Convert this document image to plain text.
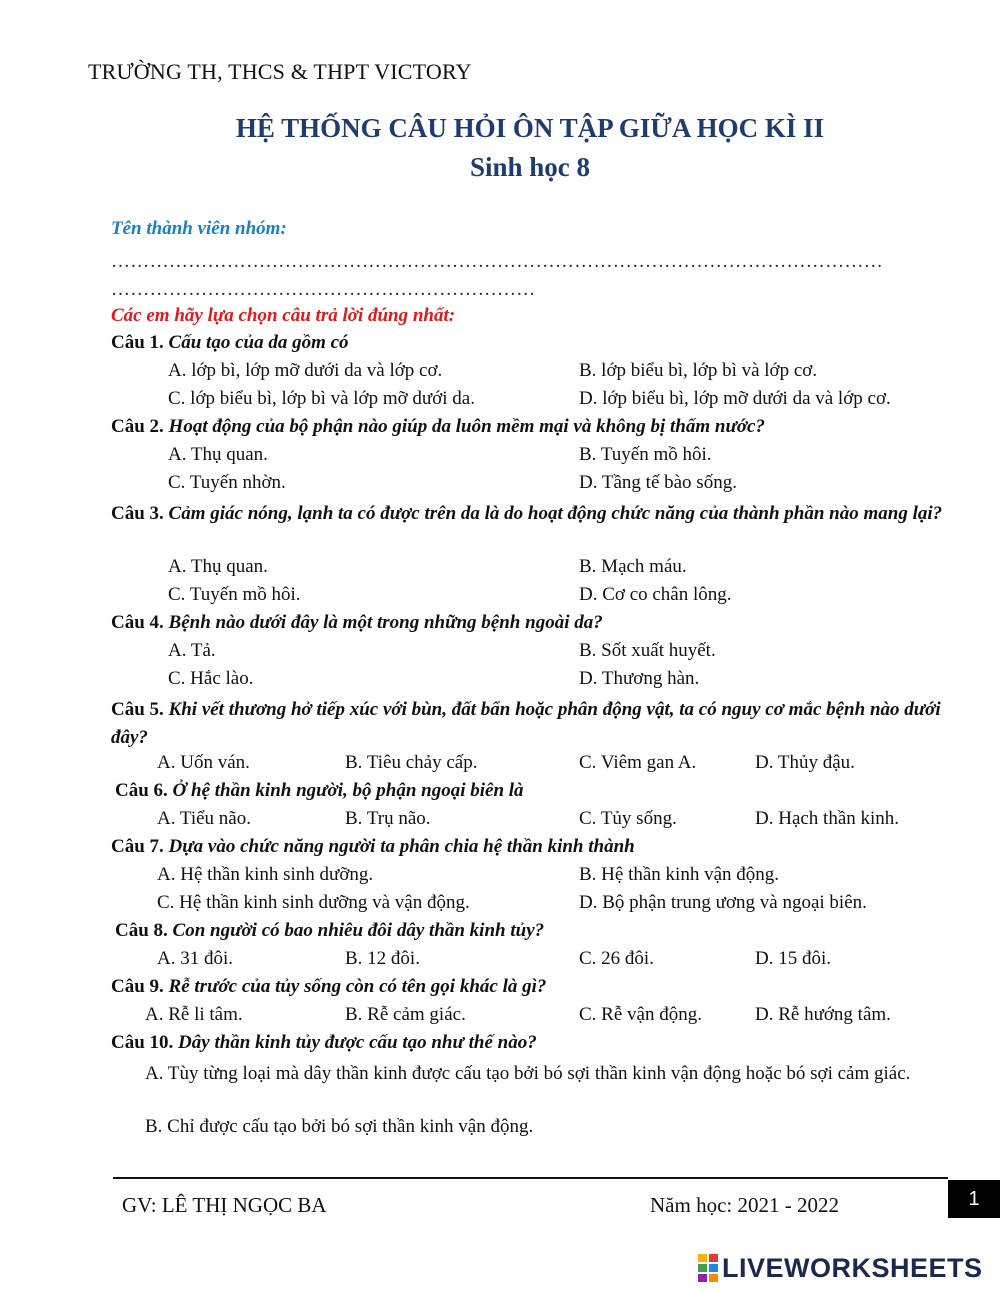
TRƯỜNG TH, THCS & THPT VICTORY
HỆ THỐNG CÂU HỎI ÔN TẬP GIỮA HỌC KÌ II
Sinh học 8
Tên thành viên nhóm:
…………………………………………………………………………………………………………
…………………………………………………………
Các em hãy lựa chọn câu trả lời đúng nhất:
Câu 1. Cấu tạo của da gồm có
A. lớp bì, lớp mỡ dưới da và lớp cơ.	B. lớp biểu bì, lớp bì và lớp cơ.
C. lớp biểu bì, lớp bì và lớp mỡ dưới da.	D. lớp biểu bì, lớp mỡ dưới da và lớp cơ.
Câu 2. Hoạt động của bộ phận nào giúp da luôn mềm mại và không bị thấm nước?
A. Thụ quan.	B. Tuyến mồ hôi.
C. Tuyến nhờn.	D. Tầng tế bào sống.
Câu 3. Cảm giác nóng, lạnh ta có được trên da là do hoạt động chức năng của thành phần nào mang lại?
A. Thụ quan.	B. Mạch máu.
C. Tuyến mồ hôi.	D. Cơ co chân lông.
Câu 4. Bệnh nào dưới đây là một trong những bệnh ngoài da?
A. Tả.	B. Sốt xuất huyết.
C. Hắc lào.	D. Thương hàn.
Câu 5. Khi vết thương hở tiếp xúc với bùn, đất bẩn hoặc phân động vật, ta có nguy cơ mắc bệnh nào dưới đây?
A. Uốn ván.	B. Tiêu chảy cấp.	C. Viêm gan A.	D. Thủy đậu.
Câu 6. Ở hệ thần kinh người, bộ phận ngoại biên là
A. Tiểu não.	B. Trụ não.	C. Tủy sống.	D. Hạch thần kinh.
Câu 7. Dựa vào chức năng người ta phân chia hệ thần kinh thành
A. Hệ thần kinh sinh dưỡng.	B. Hệ thần kinh vận động.
C. Hệ thần kinh sinh dưỡng và vận động.	D. Bộ phận trung ương và ngoại biên.
Câu 8. Con người có bao nhiêu đôi dây thần kinh tủy?
A. 31 đôi.	B. 12 đôi.	C. 26 đôi.	D. 15 đôi.
Câu 9. Rễ trước của tủy sống còn có tên gọi khác là gì?
A. Rễ li tâm.	B. Rễ cảm giác.	C. Rễ vận động.	D. Rễ hướng tâm.
Câu 10. Dây thần kinh tủy được cấu tạo như thế nào?
A. Tùy từng loại mà dây thần kinh được cấu tạo bởi bó sợi thần kinh vận động hoặc bó sợi cảm giác.
B. Chỉ được cấu tạo bởi bó sợi thần kinh vận động.
1
GV: LÊ THỊ NGỌC BA	Năm học: 2021 - 2022
LIVEWORKSHEETS
